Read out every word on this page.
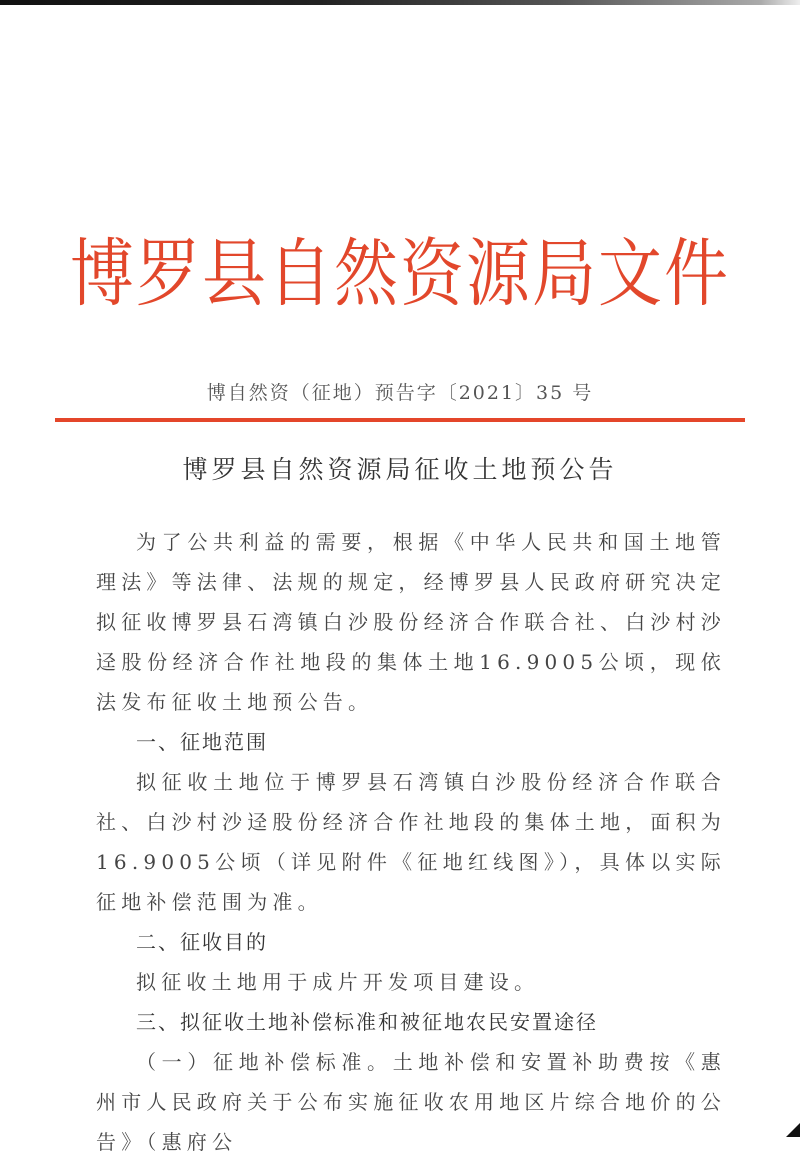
博罗县自然资源局文件
博自然资（征地）预告字〔2021〕35 号
博罗县自然资源局征收土地预公告

为了公共利益的需要，根据《中华人民共和国土地管理法》等法律、法规的规定，经博罗县人民政府研究决定拟征收博罗县石湾镇白沙股份经济合作联合社、白沙村沙迳股份经济合作社地段的集体土地16.9005公顷，现依法发布征收土地预公告。

一、征地范围

拟征收土地位于博罗县石湾镇白沙股份经济合作联合社、白沙村沙迳股份经济合作社地段的集体土地，面积为16.9005公顷（详见附件《征地红线图》），具体以实际征地补偿范围为准。

二、征收目的

拟征收土地用于成片开发项目建设。

三、拟征收土地补偿标准和被征地农民安置途径

（一）征地补偿标准。土地补偿和安置补助费按《惠州市人民政府关于公布实施征收农用地区片综合地价的公告》（惠府公
